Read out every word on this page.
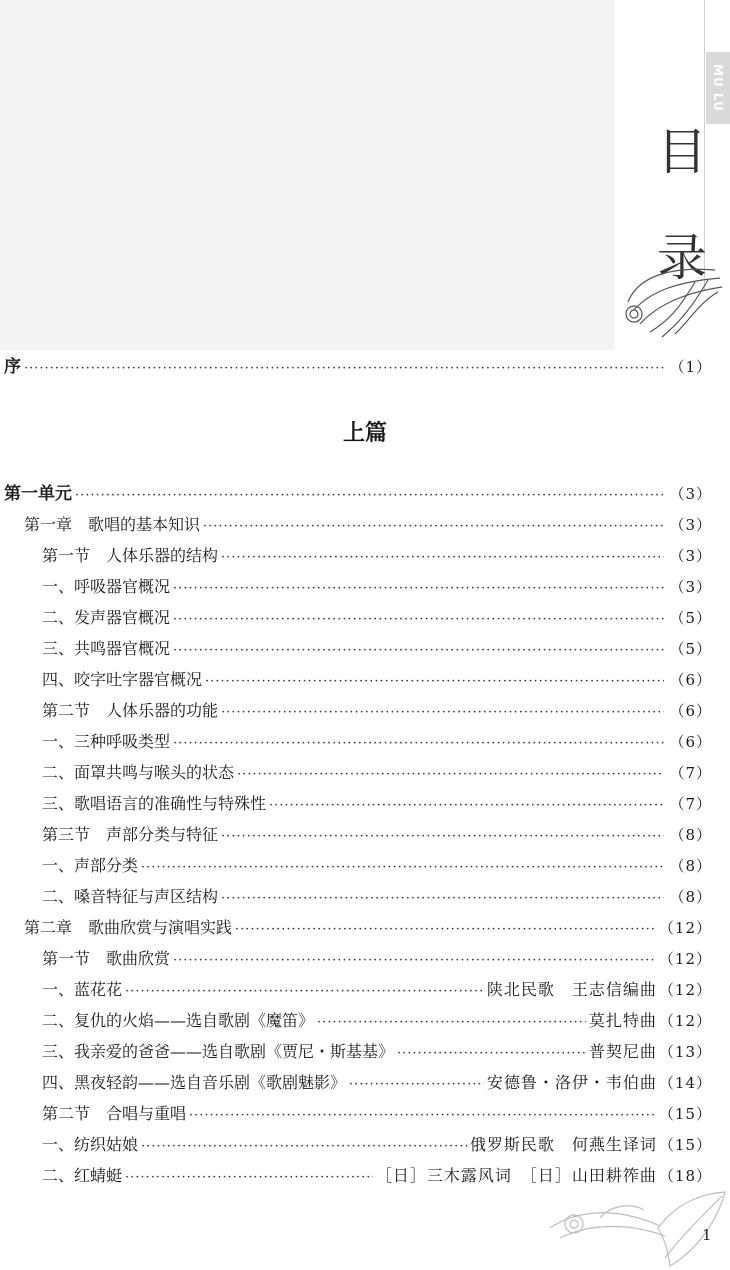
MU LU
目
录
序 ·····	（1）
第一单元 ·····	（3）
第一章　歌唱的基本知识 ·····	（3）
第一节　人体乐器的结构 ·····	（3）
一、呼吸器官概况 ·····	（3）
二、发声器官概况 ·····	（5）
三、共鸣器官概况 ·····	（5）
四、咬字吐字器官概况 ·····	（6）
第二节　人体乐器的功能 ·····	（6）
一、三种呼吸类型 ·····	（6）
二、面罩共鸣与喉头的状态 ·····	（7）
三、歌唱语言的准确性与特殊性 ·····	（7）
第三节　声部分类与特征 ·····	（8）
一、声部分类 ·····	（8）
二、嗓音特征与声区结构 ·····	（8）
第二章　歌曲欣赏与演唱实践 ·····	（12）
第一节　歌曲欣赏 ·····	（12）
一、蓝花花 ·····	陕北民歌　王志信编曲 （12）
二、复仇的火焰——选自歌剧《魔笛》 ·····	莫扎特曲 （12）
三、我亲爱的爸爸——选自歌剧《贾尼・斯基基》 ·····	普契尼曲 （13）
四、黑夜轻韵——选自音乐剧《歌剧魅影》 ·····	安德鲁・洛伊・韦伯曲 （14）
第二节　合唱与重唱 ·····	（15）
一、纺织姑娘 ·····	俄罗斯民歌　何燕生译词 （15）
二、红蜻蜓 ·····	［日］三木露风词　［日］山田耕筰曲 （18）
上篇
1
